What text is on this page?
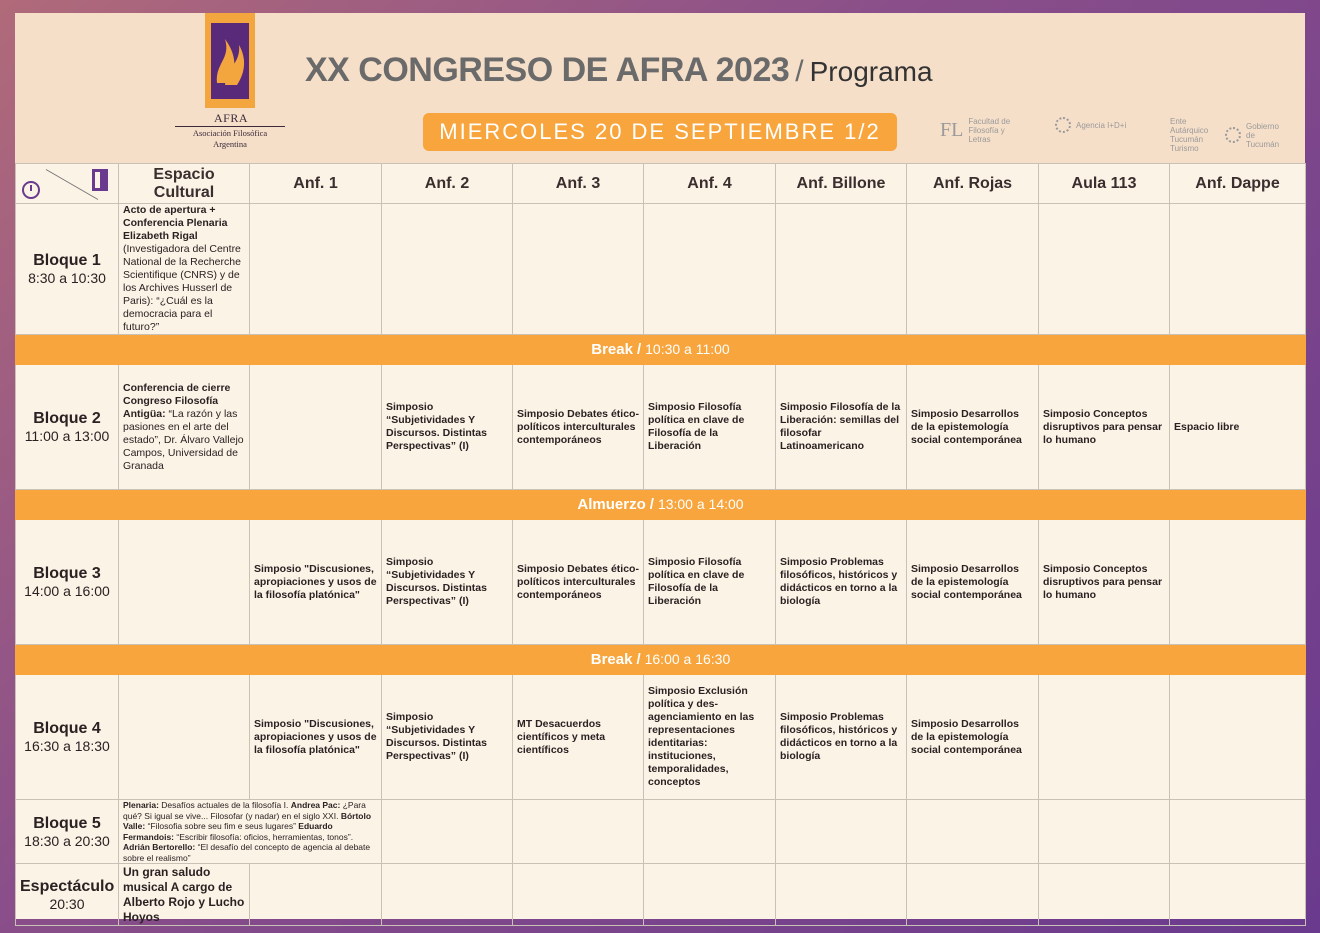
AFRA
Asociación Filosófica
Argentina
XX CONGRESO DE AFRA 2023 / Programa
MIERCOLES 20 DE SEPTIEMBRE 1/2	FL Facultad de Filosofía y Letras
Agencia I+D+i	Ente Autárquico Tucumán Turismo
Gobierno de Tucumán
	Espacio Cultural	Anf. 1	Anf. 2	Anf. 3	Anf. 4	Anf. Billone	Anf. Rojas	Aula 113	Anf. Dappe

Bloque 1
8:30 a 10:30	Acto de apertura + Conferencia Plenaria Elizabeth Rigal
(Investigadora del Centre National de la Recherche Scientifique (CNRS) y de los Archives Husserl de Paris): “¿Cuál es la democracia para el futuro?”								
Break / 10:30 a 11:00									

Bloque 2
11:00 a 13:00	Conferencia de cierre Congreso Filosofía Antigüa: “La razón y las pasiones en el arte del estado”, Dr. Álvaro Vallejo Campos, Universidad de Granada		Simposio “Subjetividades Y Discursos. Distintas Perspectivas” (I)	Simposio Debates ético-políticos interculturales contemporáneos	Simposio Filosofía política en clave de Filosofía de la Liberación	Simposio Filosofía de la Liberación: semillas del filosofar Latinoamericano	Simposio Desarrollos de la epistemología social contemporánea	Simposio Conceptos disruptivos para pensar lo humano	Espacio libre
Almuerzo / 13:00 a 14:00									

Bloque 3
14:00 a 16:00		Simposio "Discusiones, apropiaciones y usos de la filosofía platónica"	Simposio “Subjetividades Y Discursos. Distintas Perspectivas” (I)	Simposio Debates ético-políticos interculturales contemporáneos	Simposio Filosofía política en clave de Filosofía de la Liberación	Simposio Problemas filosóficos, históricos y didácticos en torno a la biología	Simposio Desarrollos de la epistemología social contemporánea	Simposio Conceptos disruptivos para pensar lo humano	
Break / 16:00 a 16:30									

Bloque 4
16:30 a 18:30		Simposio "Discusiones, apropiaciones y usos de la filosofía platónica"	Simposio “Subjetividades Y Discursos. Distintas Perspectivas” (I)	MT Desacuerdos científicos y meta científicos	Simposio Exclusión política y des-agenciamiento en las representaciones identitarias: instituciones, temporalidades, conceptos	Simposio Problemas filosóficos, históricos y didácticos en torno a la biología	Simposio Desarrollos de la epistemología social contemporánea		

Bloque 5
18:30 a 20:30	Plenaria: Desafíos actuales de la filosofía I. Andrea Pac: ¿Para qué? Si igual se vive... Filosofar (y nadar) en el siglo XXI. Bórtolo Valle: “Filosofia sobre seu fim e seus lugares” Eduardo Fermandois: “Escribir filosofía: oficios, herramientas, tonos”. Adrián Bertorello: “El desafío del concepto de agencia al debate sobre el realismo”								

Espectáculo
20:30	Un gran saludo musical A cargo de Alberto Rojo y Lucho Hoyos								
